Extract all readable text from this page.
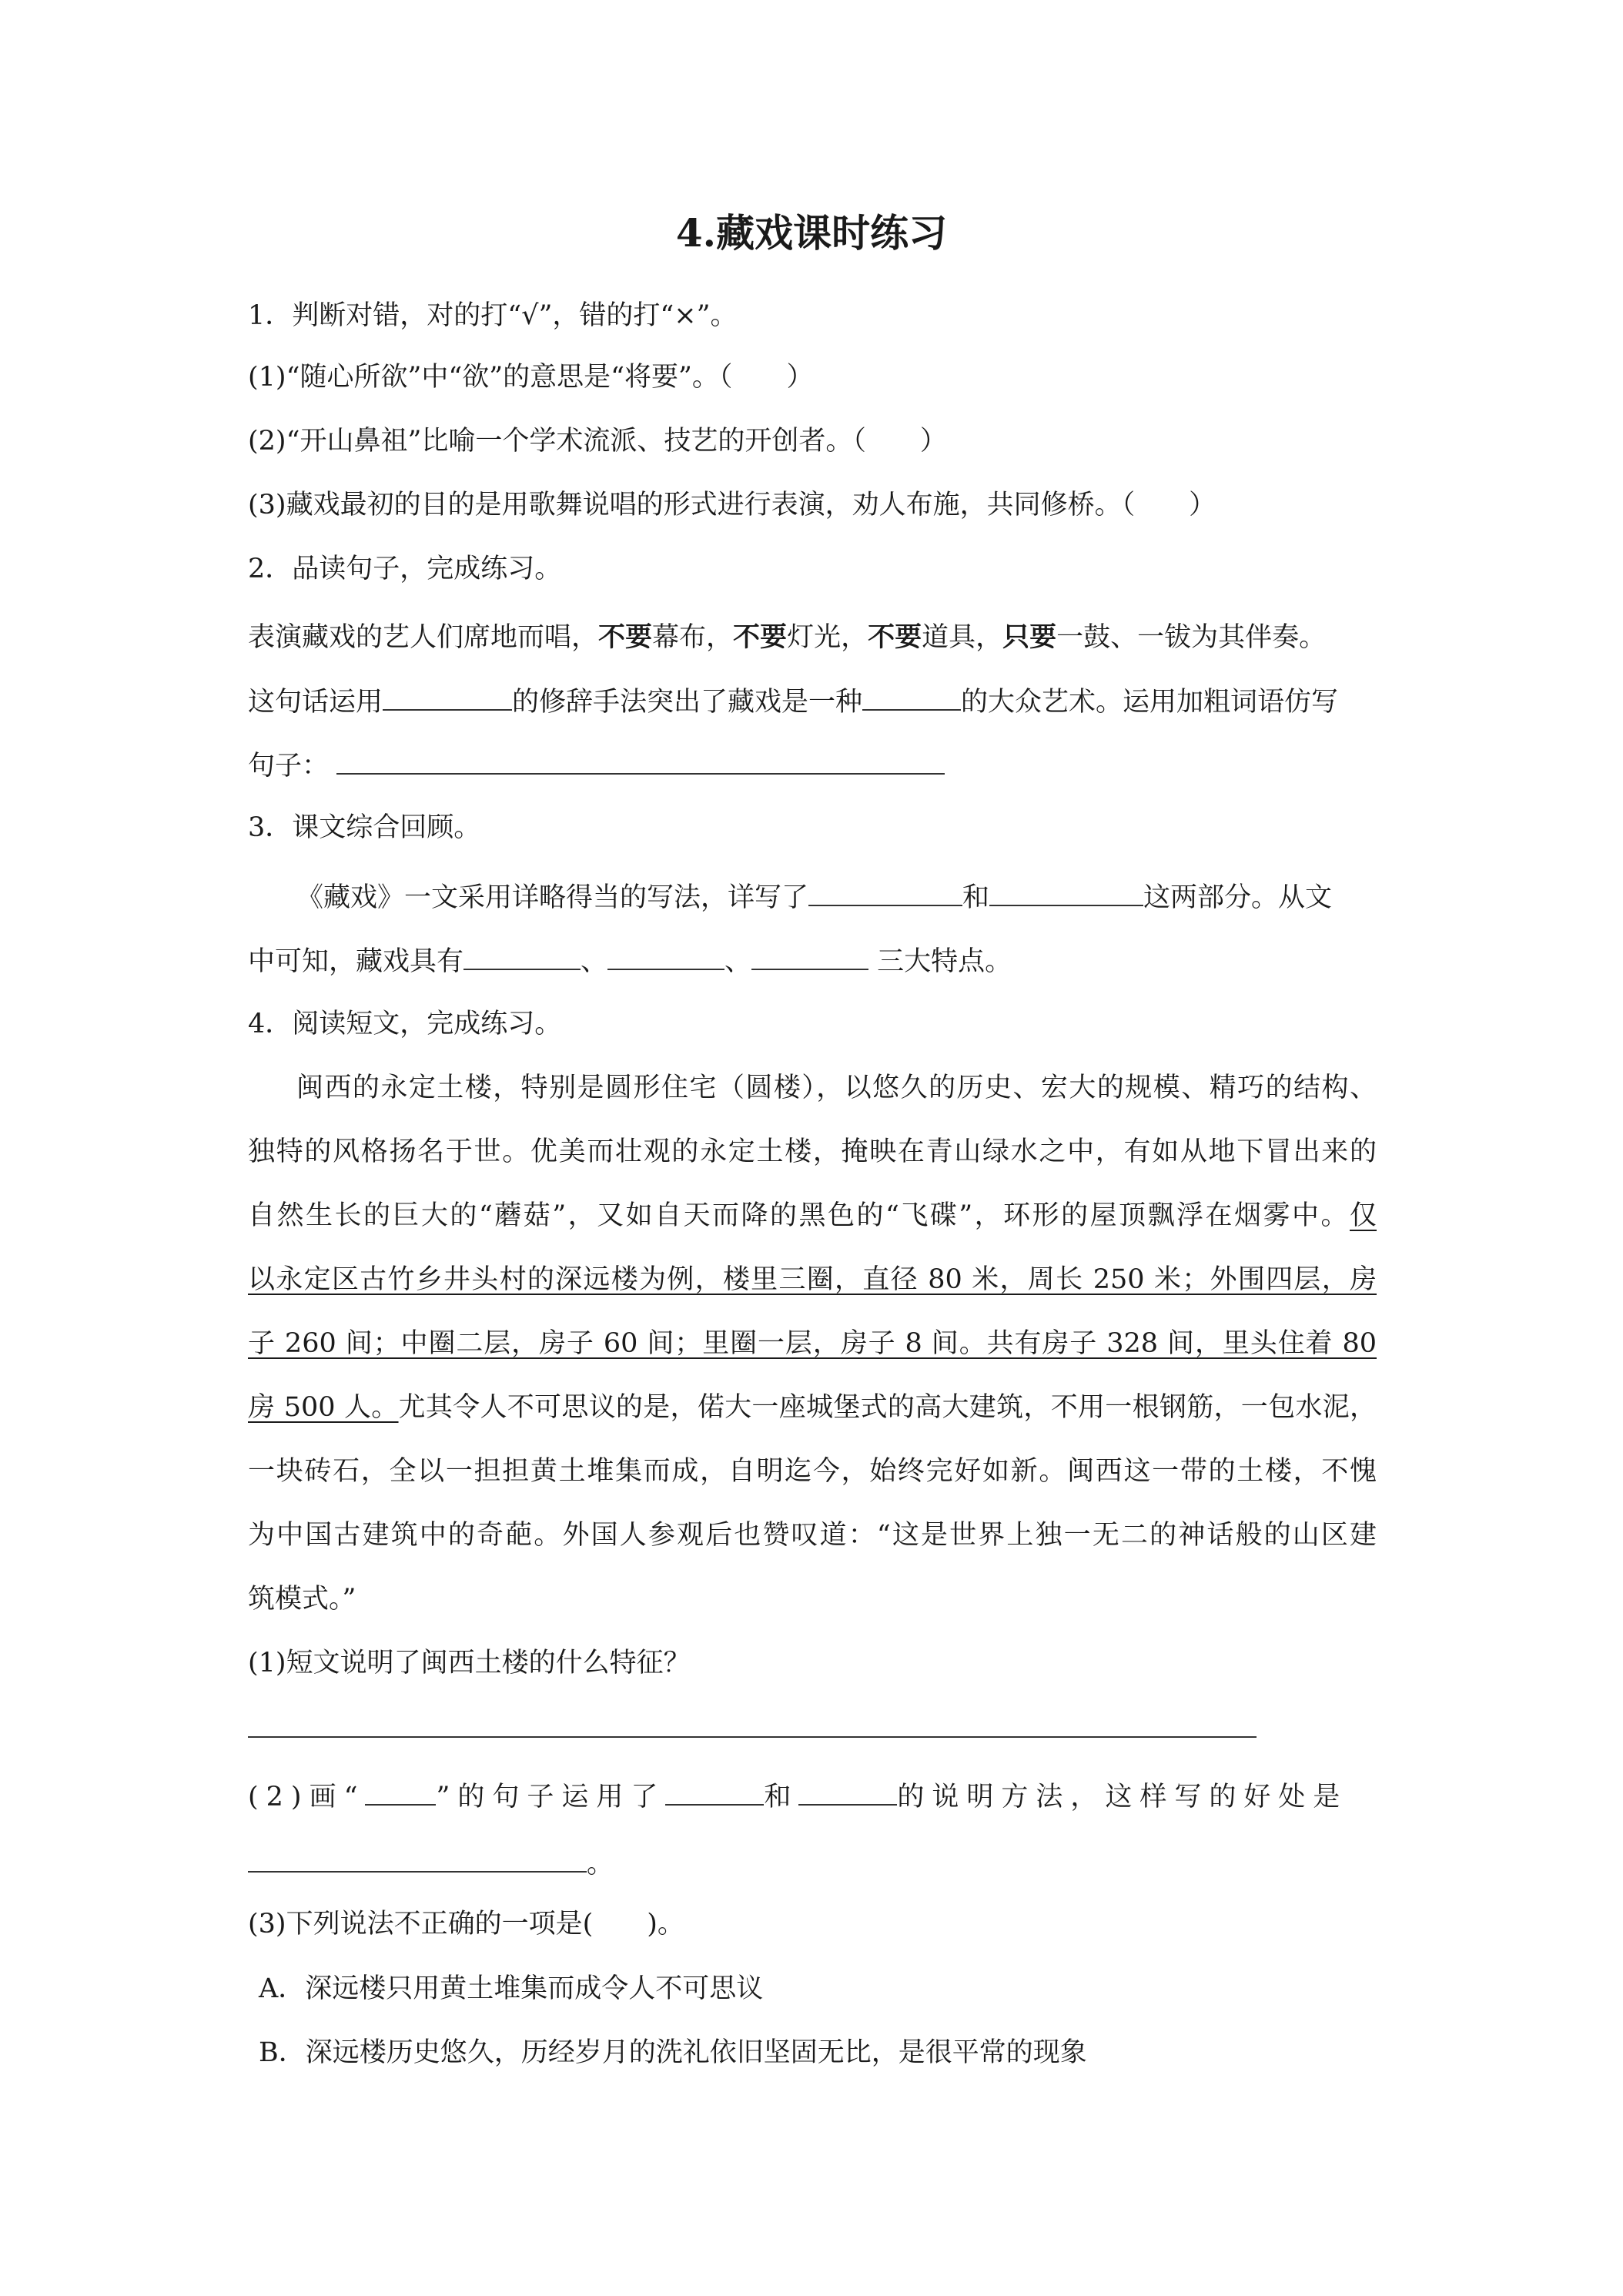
4.藏戏课时练习
1．判断对错，对的打“√”，错的打“×”。
(1)“随心所欲”中“欲”的意思是“将要”。（　　）
(2)“开山鼻祖”比喻一个学术流派、技艺的开创者。（　　）
(3)藏戏最初的目的是用歌舞说唱的形式进行表演，劝人布施，共同修桥。（　　）
2．品读句子，完成练习。
表演藏戏的艺人们席地而唱，不要幕布，不要灯光，不要道具，只要一鼓、一钹为其伴奏。
这句话运用	的修辞手法突出了藏戏是一种	的大众艺术。运用加粗词语仿写
句子：
3．课文综合回顾。
《藏戏》一文采用详略得当的写法，详写了	和	这两部分。从文
中可知，藏戏具有	、	、	三大特点。
4．阅读短文，完成练习。
闽西的永定土楼，特别是圆形住宅（圆楼），以悠久的历史、宏大的规模、精巧的结构、
独特的风格扬名于世。优美而壮观的永定土楼，掩映在青山绿水之中，有如从地下冒出来的
自然生长的巨大的“蘑菇”，又如自天而降的黑色的“飞碟”，环形的屋顶飘浮在烟雾中。仅
以永定区古竹乡井头村的深远楼为例，楼里三圈，直径 80 米，周长 250 米；外围四层，房
子 260 间；中圈二层，房子 60 间；里圈一层，房子 8 间。共有房子 328 间，里头住着 80
房 500 人。尤其令人不可思议的是，偌大一座城堡式的高大建筑，不用一根钢筋，一包水泥，
一块砖石，全以一担担黄土堆集而成，自明迄今，始终完好如新。闽西这一带的土楼，不愧
为中国古建筑中的奇葩。外国人参观后也赞叹道：“这是世界上独一无二的神话般的山区建
筑模式。”
(1)短文说明了闽西土楼的什么特征？
(2)画“	”的句子运用了	和	的说明方法，这样写的好处是
。
(3)下列说法不正确的一项是(　　)。
A．深远楼只用黄土堆集而成令人不可思议
B．深远楼历史悠久，历经岁月的洗礼依旧坚固无比，是很平常的现象
